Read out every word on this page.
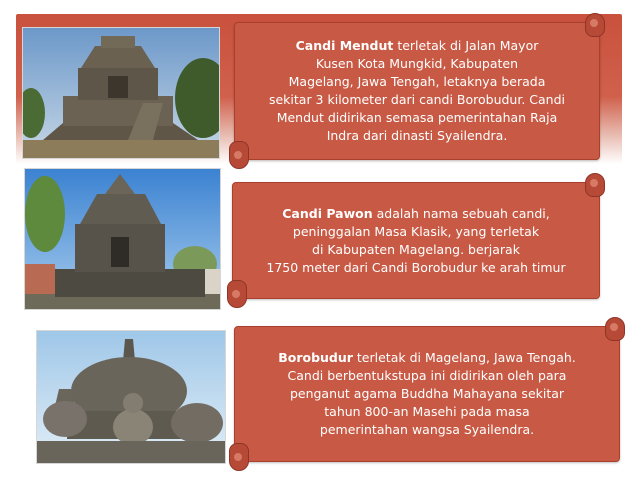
Candi Mendut terletak di Jalan Mayor
Kusen Kota Mungkid, Kabupaten
Magelang, Jawa Tengah, letaknya berada
sekitar 3 kilometer dari candi Borobudur. Candi
Mendut didirikan semasa pemerintahan Raja
Indra dari dinasti Syailendra.
Candi Pawon adalah nama sebuah candi,
peninggalan Masa Klasik, yang terletak
di Kabupaten Magelang. berjarak
1750 meter dari Candi Borobudur ke arah timur
Borobudur terletak di Magelang, Jawa Tengah.
Candi berbentukstupa ini didirikan oleh para
penganut agama Buddha Mahayana sekitar
tahun 800-an Masehi pada masa
pemerintahan wangsa Syailendra.
